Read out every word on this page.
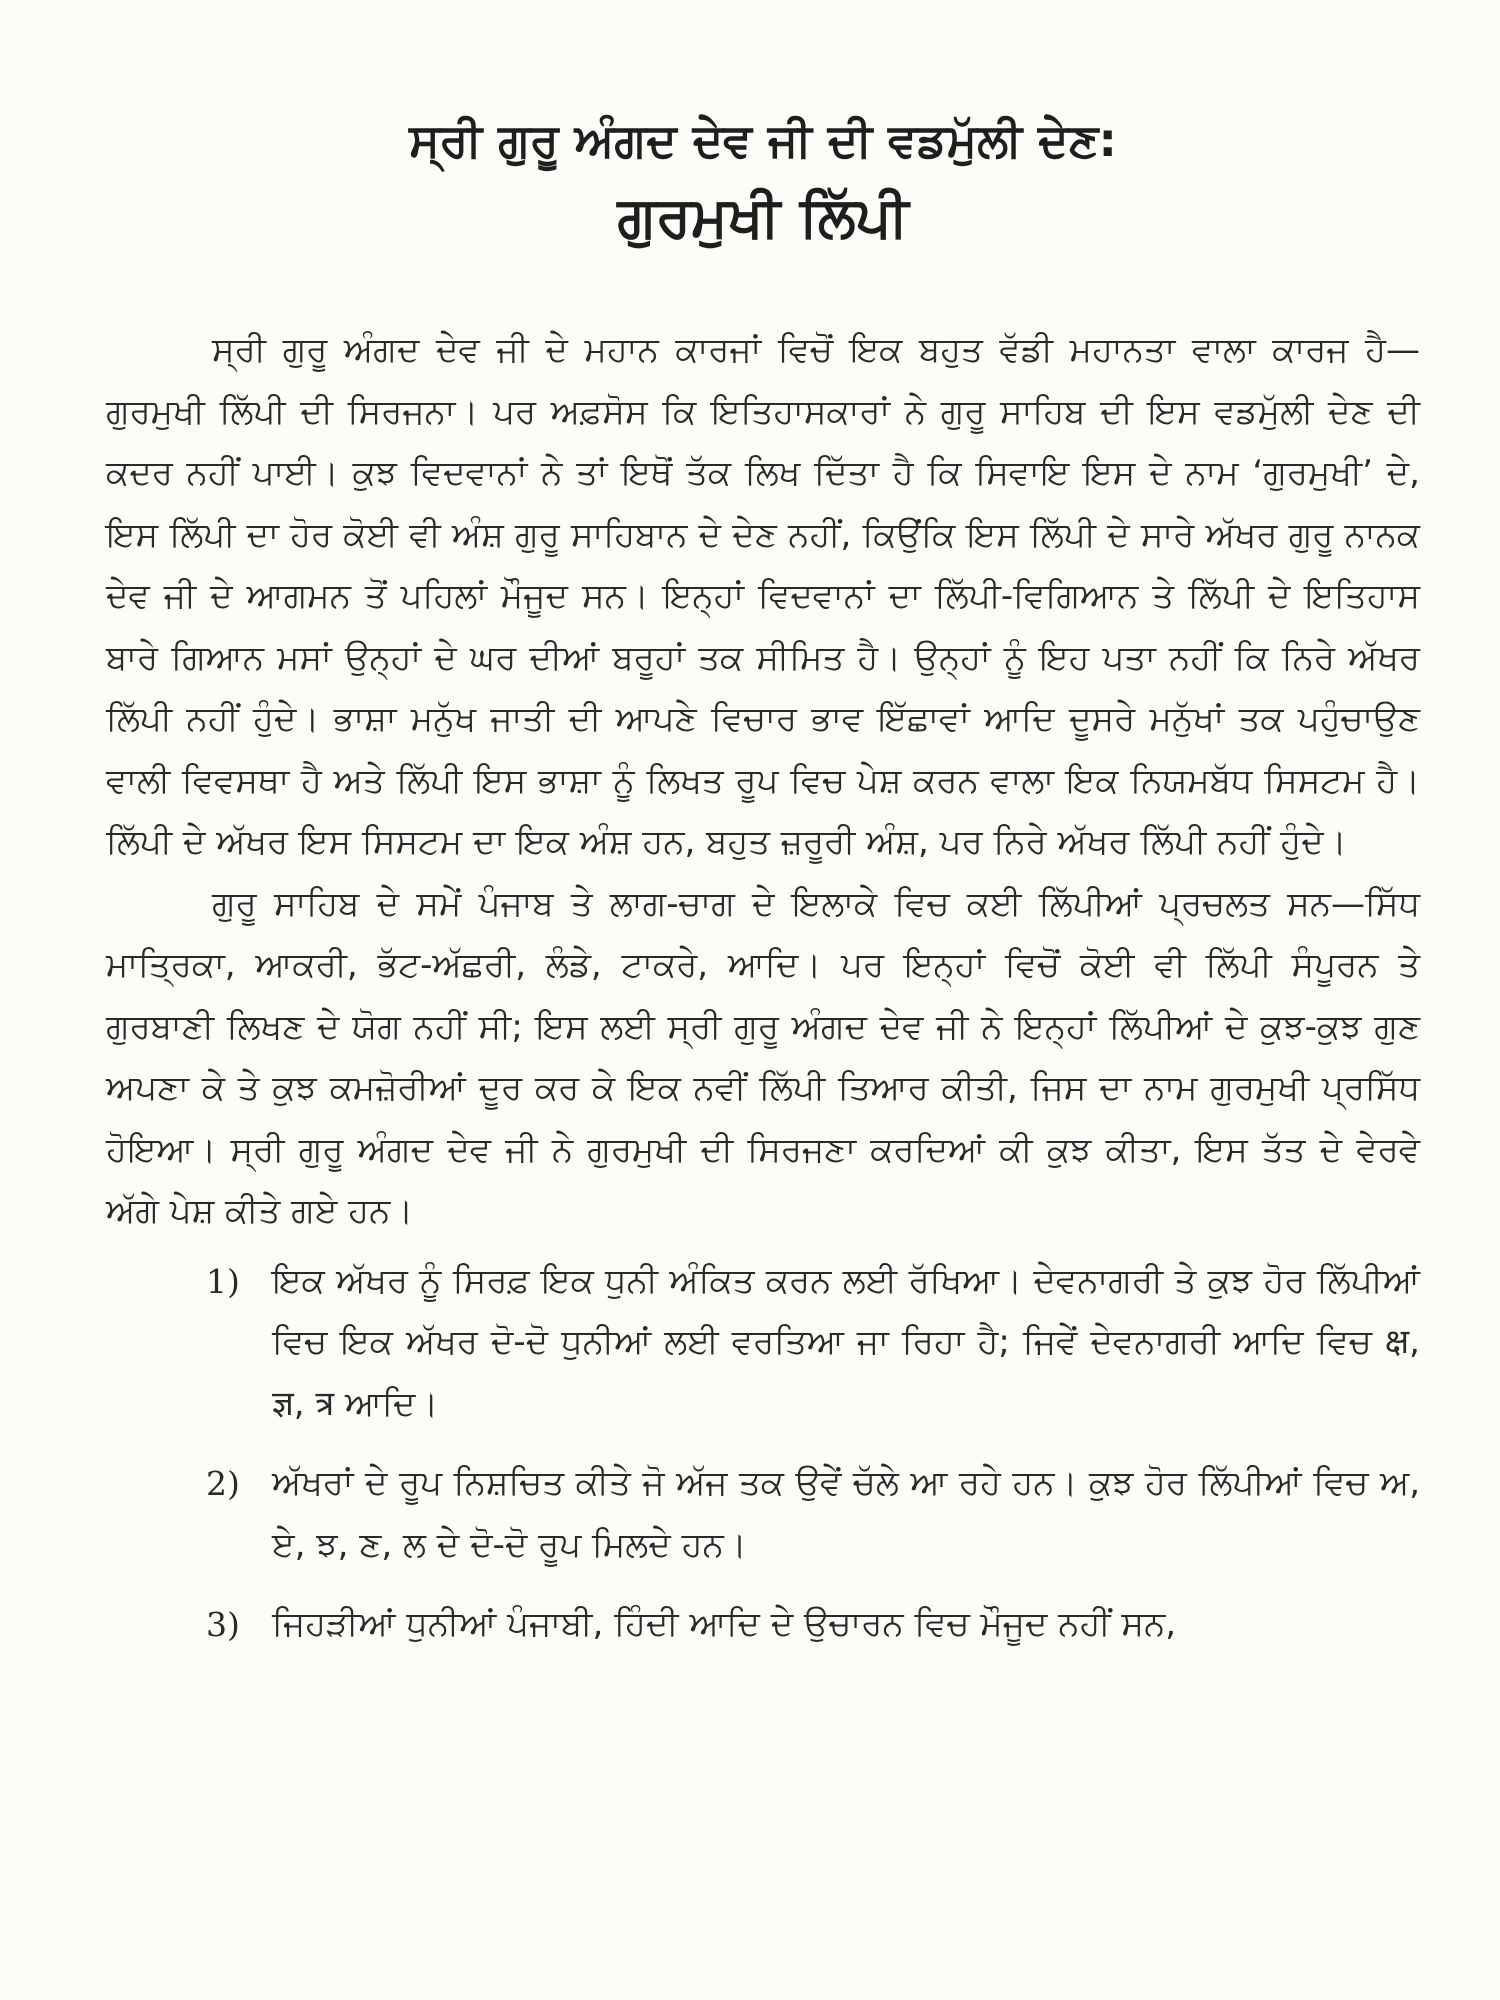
ਸ੍ਰੀ ਗੁਰੂ ਅੰਗਦ ਦੇਵ ਜੀ ਦੀ ਵਡਮੁੱਲੀ ਦੇਣ:
ਗੁਰਮੁਖੀ ਲਿੱਪੀ

ਸ੍ਰੀ ਗੁਰੂ ਅੰਗਦ ਦੇਵ ਜੀ ਦੇ ਮਹਾਨ ਕਾਰਜਾਂ ਵਿਚੋਂ ਇਕ ਬਹੁਤ ਵੱਡੀ ਮਹਾਨਤਾ ਵਾਲਾ ਕਾਰਜ ਹੈ—ਗੁਰਮੁਖੀ ਲਿੱਪੀ ਦੀ ਸਿਰਜਨਾ। ਪਰ ਅਫ਼ਸੋਸ ਕਿ ਇਤਿਹਾਸਕਾਰਾਂ ਨੇ ਗੁਰੂ ਸਾਹਿਬ ਦੀ ਇਸ ਵਡਮੁੱਲੀ ਦੇਣ ਦੀ ਕਦਰ ਨਹੀਂ ਪਾਈ। ਕੁਝ ਵਿਦਵਾਨਾਂ ਨੇ ਤਾਂ ਇਥੋਂ ਤੱਕ ਲਿਖ ਦਿੱਤਾ ਹੈ ਕਿ ਸਿਵਾਇ ਇਸ ਦੇ ਨਾਮ ‘ਗੁਰਮੁਖੀ’ ਦੇ, ਇਸ ਲਿੱਪੀ ਦਾ ਹੋਰ ਕੋਈ ਵੀ ਅੰਸ਼ ਗੁਰੂ ਸਾਹਿਬਾਨ ਦੇ ਦੇਣ ਨਹੀਂ, ਕਿਉਂਕਿ ਇਸ ਲਿੱਪੀ ਦੇ ਸਾਰੇ ਅੱਖਰ ਗੁਰੂ ਨਾਨਕ ਦੇਵ ਜੀ ਦੇ ਆਗਮਨ ਤੋਂ ਪਹਿਲਾਂ ਮੌਜੂਦ ਸਨ। ਇਨ੍ਹਾਂ ਵਿਦਵਾਨਾਂ ਦਾ ਲਿੱਪੀ-ਵਿਗਿਆਨ ਤੇ ਲਿੱਪੀ ਦੇ ਇਤਿਹਾਸ ਬਾਰੇ ਗਿਆਨ ਮਸਾਂ ਉਨ੍ਹਾਂ ਦੇ ਘਰ ਦੀਆਂ ਬਰੂਹਾਂ ਤਕ ਸੀਮਿਤ ਹੈ। ਉਨ੍ਹਾਂ ਨੂੰ ਇਹ ਪਤਾ ਨਹੀਂ ਕਿ ਨਿਰੇ ਅੱਖਰ ਲਿੱਪੀ ਨਹੀਂ ਹੁੰਦੇ। ਭਾਸ਼ਾ ਮਨੁੱਖ ਜਾਤੀ ਦੀ ਆਪਣੇ ਵਿਚਾਰ ਭਾਵ ਇੱਛਾਵਾਂ ਆਦਿ ਦੂਸਰੇ ਮਨੁੱਖਾਂ ਤਕ ਪਹੁੰਚਾਉਣ ਵਾਲੀ ਵਿਵਸਥਾ ਹੈ ਅਤੇ ਲਿੱਪੀ ਇਸ ਭਾਸ਼ਾ ਨੂੰ ਲਿਖਤ ਰੂਪ ਵਿਚ ਪੇਸ਼ ਕਰਨ ਵਾਲਾ ਇਕ ਨਿਯਮਬੱਧ ਸਿਸਟਮ ਹੈ। ਲਿੱਪੀ ਦੇ ਅੱਖਰ ਇਸ ਸਿਸਟਮ ਦਾ ਇਕ ਅੰਸ਼ ਹਨ, ਬਹੁਤ ਜ਼ਰੂਰੀ ਅੰਸ਼, ਪਰ ਨਿਰੇ ਅੱਖਰ ਲਿੱਪੀ ਨਹੀਂ ਹੁੰਦੇ।

ਗੁਰੂ ਸਾਹਿਬ ਦੇ ਸਮੇਂ ਪੰਜਾਬ ਤੇ ਲਾਗ-ਚਾਗ ਦੇ ਇਲਾਕੇ ਵਿਚ ਕਈ ਲਿੱਪੀਆਂ ਪ੍ਰਚਲਤ ਸਨ—ਸਿੱਧ ਮਾਤ੍ਰਿਕਾ, ਆਕਰੀ, ਭੱਟ-ਅੱਛਰੀ, ਲੰਡੇ, ਟਾਕਰੇ, ਆਦਿ। ਪਰ ਇਨ੍ਹਾਂ ਵਿਚੋਂ ਕੋਈ ਵੀ ਲਿੱਪੀ ਸੰਪੂਰਨ ਤੇ ਗੁਰਬਾਣੀ ਲਿਖਣ ਦੇ ਯੋਗ ਨਹੀਂ ਸੀ; ਇਸ ਲਈ ਸ੍ਰੀ ਗੁਰੂ ਅੰਗਦ ਦੇਵ ਜੀ ਨੇ ਇਨ੍ਹਾਂ ਲਿੱਪੀਆਂ ਦੇ ਕੁਝ-ਕੁਝ ਗੁਣ ਅਪਣਾ ਕੇ ਤੇ ਕੁਝ ਕਮਜ਼ੋਰੀਆਂ ਦੂਰ ਕਰ ਕੇ ਇਕ ਨਵੀਂ ਲਿੱਪੀ ਤਿਆਰ ਕੀਤੀ, ਜਿਸ ਦਾ ਨਾਮ ਗੁਰਮੁਖੀ ਪ੍ਰਸਿੱਧ ਹੋਇਆ। ਸ੍ਰੀ ਗੁਰੂ ਅੰਗਦ ਦੇਵ ਜੀ ਨੇ ਗੁਰਮੁਖੀ ਦੀ ਸਿਰਜਣਾ ਕਰਦਿਆਂ ਕੀ ਕੁਝ ਕੀਤਾ, ਇਸ ਤੱਤ ਦੇ ਵੇਰਵੇ ਅੱਗੇ ਪੇਸ਼ ਕੀਤੇ ਗਏ ਹਨ।

1) ਇਕ ਅੱਖਰ ਨੂੰ ਸਿਰਫ਼ ਇਕ ਧੁਨੀ ਅੰਕਿਤ ਕਰਨ ਲਈ ਰੱਖਿਆ। ਦੇਵਨਾਗਰੀ ਤੇ ਕੁਝ ਹੋਰ ਲਿੱਪੀਆਂ ਵਿਚ ਇਕ ਅੱਖਰ ਦੋ-ਦੋ ਧੁਨੀਆਂ ਲਈ ਵਰਤਿਆ ਜਾ ਰਿਹਾ ਹੈ; ਜਿਵੇਂ ਦੇਵਨਾਗਰੀ ਆਦਿ ਵਿਚ क्ष, ज्ञ, त्र ਆਦਿ।
2) ਅੱਖਰਾਂ ਦੇ ਰੂਪ ਨਿਸ਼ਚਿਤ ਕੀਤੇ ਜੋ ਅੱਜ ਤਕ ਉਵੇਂ ਚੱਲੇ ਆ ਰਹੇ ਹਨ। ਕੁਝ ਹੋਰ ਲਿੱਪੀਆਂ ਵਿਚ ਅ, ਏ, ਝ, ਣ, ਲ ਦੇ ਦੋ-ਦੋ ਰੂਪ ਮਿਲਦੇ ਹਨ।
3) ਜਿਹੜੀਆਂ ਧੁਨੀਆਂ ਪੰਜਾਬੀ, ਹਿੰਦੀ ਆਦਿ ਦੇ ਉਚਾਰਨ ਵਿਚ ਮੌਜੂਦ ਨਹੀਂ ਸਨ,
